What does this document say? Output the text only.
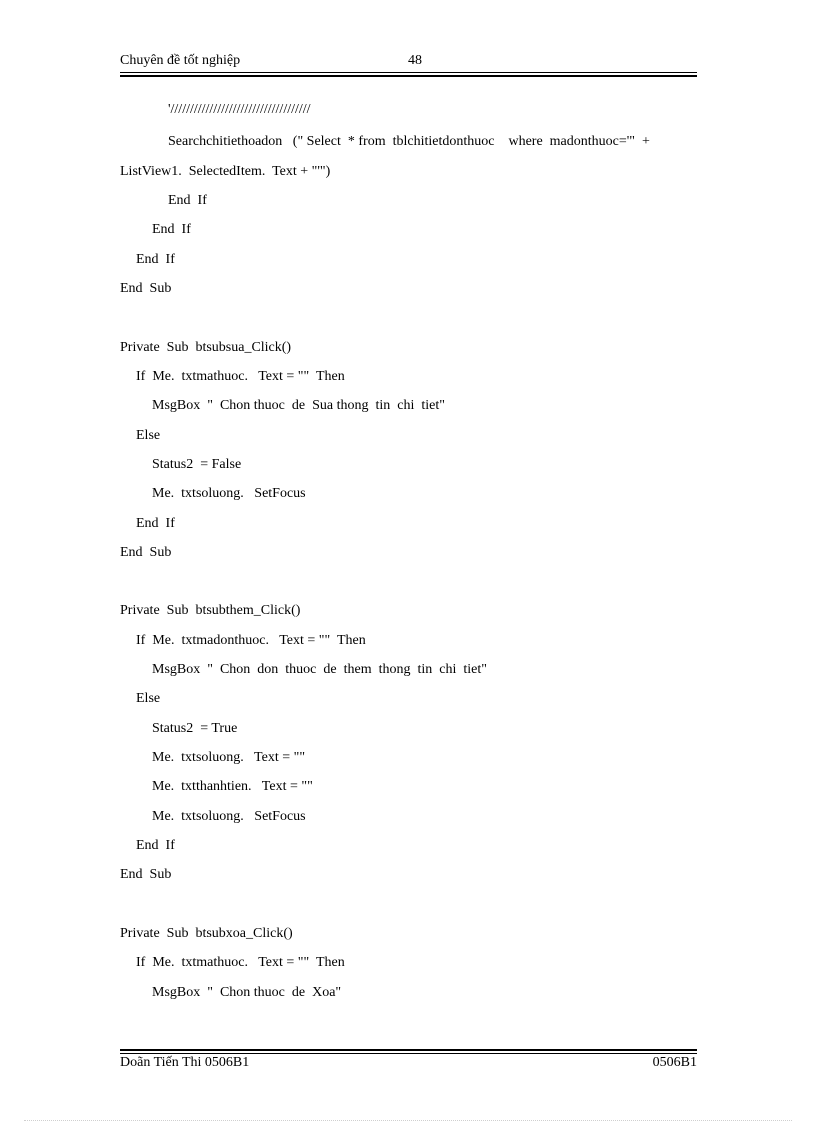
Chuyên đề tốt nghiệp	48
'////////////////////////////////////
Searchchitiethoadon   (" Select  * from  tblchitietdonthuoc    where  madonthuoc='"  +
ListView1.  SelectedItem.  Text + "'")
End  If
End  If
End  If
End  Sub
Private  Sub  btsubsua_Click()
If  Me.  txtmathuoc.   Text = ""  Then
MsgBox  "  Chon thuoc  de  Sua thong  tin  chi  tiet"
Else
Status2  = False
Me.  txtsoluong.   SetFocus
End  If
End  Sub
Private  Sub  btsubthem_Click()
If  Me.  txtmadonthuoc.   Text = ""  Then
MsgBox  "  Chon  don  thuoc  de  them  thong  tin  chi  tiet"
Else
Status2  = True
Me.  txtsoluong.   Text = ""
Me.  txtthanhtien.   Text = ""
Me.  txtsoluong.   SetFocus
End  If
End  Sub
Private  Sub  btsubxoa_Click()
If  Me.  txtmathuoc.   Text = ""  Then
MsgBox  "  Chon thuoc  de  Xoa"
Doãn Tiến Thi 0506B1	0506B1
